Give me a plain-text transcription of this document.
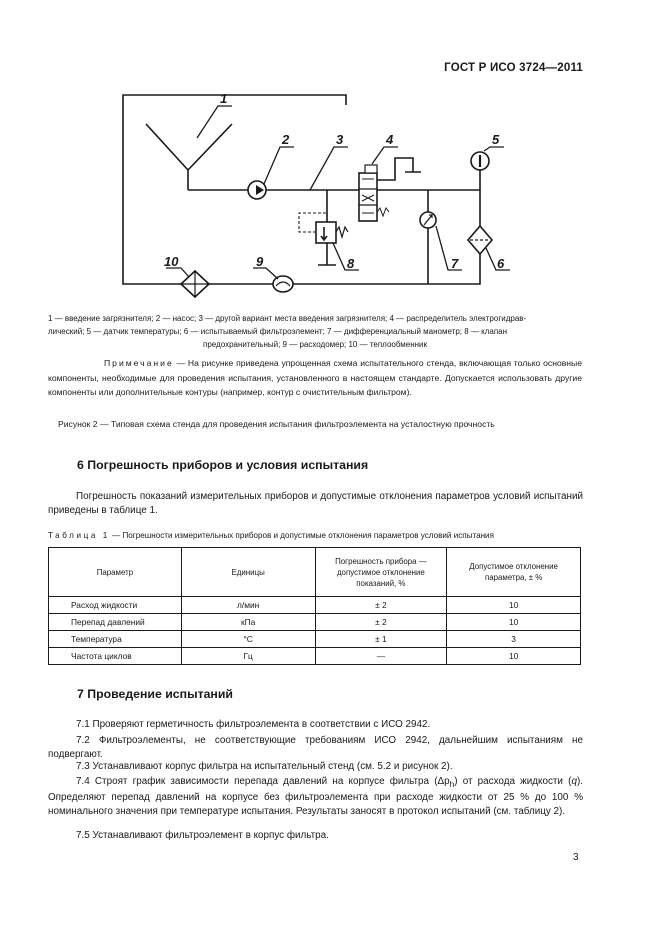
ГОСТ Р ИСО 3724—2011
1
2	3	4	5
6
7
8
9
10
1 — введение загрязнителя; 2 — насос; 3 — другой вариант места введения загрязнителя; 4 — распределитель электрогидрав-
лический; 5 — датчик температуры; 6 — испытываемый фильтроэлемент; 7 — дифференциальный манометр; 8 — клапан

предохранительный; 9 — расходомер; 10 — теплообменник
Примечание — На рисунке приведена упрощенная схема испытательного стенда, включающая только основные компоненты, необходимые для проведения испытания, установленного в настоящем стандарте. Допускается использовать другие компоненты или дополнительные контуры (например, контур с очистительным фильтром).
Рисунок 2 — Типовая схема стенда для проведения испытания фильтроэлемента на усталостную прочность
6 Погрешность приборов и условия испытания
Погрешность показаний измерительных приборов и допустимые отклонения параметров условий испытаний приведены в таблице 1.
Таблица 1 — Погрешности измерительных приборов и допустимые отклонения параметров условий испытания
Параметр	Единицы	Погрешность прибора — допустимое отклонение показаний, %	Допустимое отклонение параметра, ± %
Расход жидкости	л/мин	± 2	10
Перепад давлений	кПа	± 2	10
Температура	°C	± 1	3
Частота циклов	Гц	—	10
7 Проведение испытаний
7.1 Проверяют герметичность фильтроэлемента в соответствии с ИСО 2942.
7.2 Фильтроэлементы, не соответствующие требованиям ИСО 2942, дальнейшим испытаниям не подвергают.
7.3 Устанавливают корпус фильтра на испытательный стенд (см. 5.2 и рисунок 2).
7.4 Строят график зависимости перепада давлений на корпусе фильтра $(\Delta p_h)$ от расхода жидкости (q). Определяют перепад давлений на корпусе без фильтроэлемента при расходе жидкости от 25 % до 100 % номинального значения при температуре испытания. Результаты заносят в протокол испытаний (см. таблицу 2).
7.5 Устанавливают фильтроэлемент в корпус фильтра.
3
